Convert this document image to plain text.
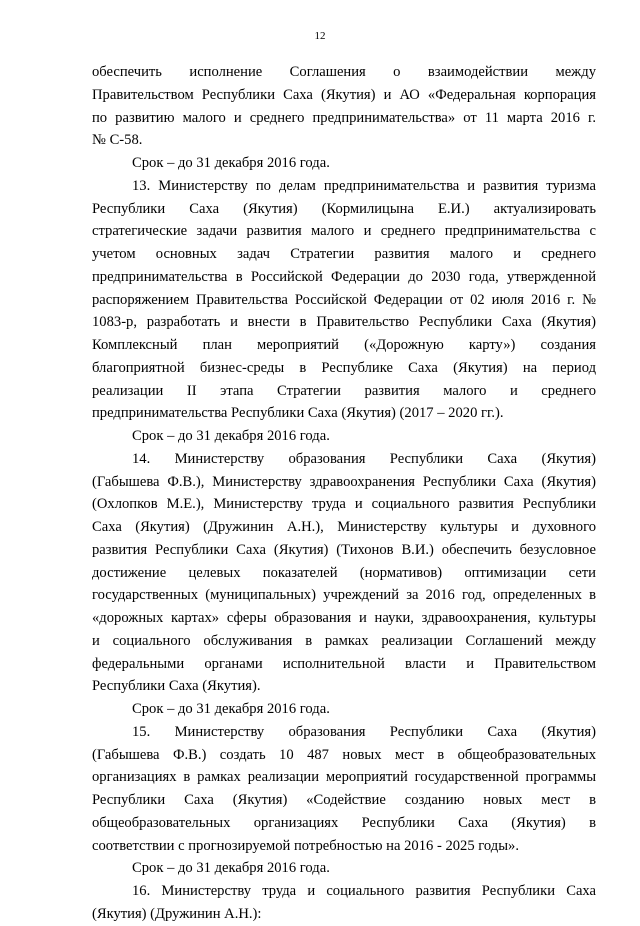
12
обеспечить исполнение Соглашения о взаимодействии между
Правительством Республики Саха (Якутия) и АО «Федеральная корпорация
по развитию малого и среднего предпринимательства» от 11 марта 2016 г.
№ С-58.
Срок – до 31 декабря 2016 года.
13. Министерству по делам предпринимательства и развития туризма
Республики Саха (Якутия) (Кормилицына Е.И.) актуализировать
стратегические задачи развития малого и среднего предпринимательства с
учетом основных задач Стратегии развития малого и среднего
предпринимательства в Российской Федерации до 2030 года, утвержденной
распоряжением Правительства Российской Федерации от 02 июля 2016 г. №
1083-р, разработать и внести в Правительство Республики Саха (Якутия)
Комплексный план мероприятий («Дорожную карту») создания
благоприятной бизнес-среды в Республике Саха (Якутия) на период
реализации II этапа Стратегии развития малого и среднего
предпринимательства Республики Саха (Якутия) (2017 – 2020 гг.).
Срок – до 31 декабря 2016 года.
14. Министерству образования Республики Саха (Якутия)
(Габышева Ф.В.), Министерству здравоохранения Республики Саха (Якутия)
(Охлопков М.Е.), Министерству труда и социального развития Республики
Саха (Якутия) (Дружинин А.Н.), Министерству культуры и духовного
развития Республики Саха (Якутия) (Тихонов В.И.) обеспечить безусловное
достижение целевых показателей (нормативов) оптимизации сети
государственных (муниципальных) учреждений за 2016 год, определенных в
«дорожных картах» сферы образования и науки, здравоохранения, культуры
и социального обслуживания в рамках реализации Соглашений между
федеральными органами исполнительной власти и Правительством
Республики Саха (Якутия).
Срок – до 31 декабря 2016 года.
15. Министерству образования Республики Саха (Якутия)
(Габышева Ф.В.) создать 10 487 новых мест в общеобразовательных
организациях в рамках реализации мероприятий государственной программы
Республики Саха (Якутия) «Содействие созданию новых мест в
общеобразовательных организациях Республики Саха (Якутия) в
соответствии с прогнозируемой потребностью на 2016 - 2025 годы».
Срок – до 31 декабря 2016 года.
16. Министерству труда и социального развития Республики Саха
(Якутия) (Дружинин А.Н.):
